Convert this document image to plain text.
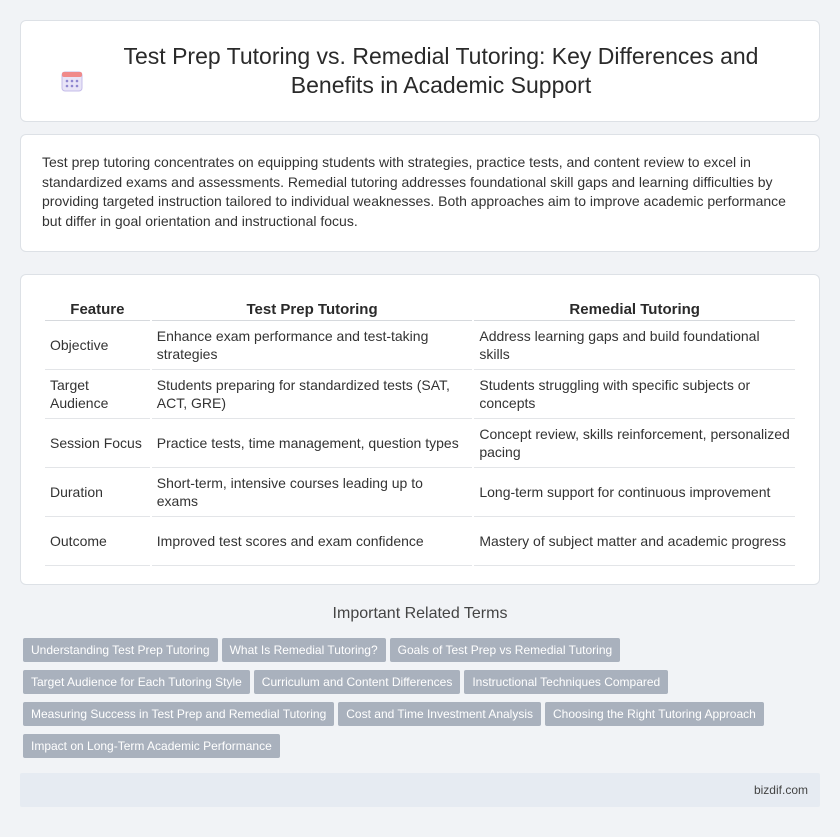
Test Prep Tutoring vs. Remedial Tutoring: Key Differences and Benefits in Academic Support

Test prep tutoring concentrates on equipping students with strategies, practice tests, and content review to excel in standardized exams and assessments. Remedial tutoring addresses foundational skill gaps and learning difficulties by providing targeted instruction tailored to individual weaknesses. Both approaches aim to improve academic performance but differ in goal orientation and instructional focus.

Feature	Test Prep Tutoring	Remedial Tutoring
Objective	Enhance exam performance and test-taking strategies	Address learning gaps and build foundational skills
Target Audience	Students preparing for standardized tests (SAT, ACT, GRE)	Students struggling with specific subjects or concepts
Session Focus	Practice tests, time management, question types	Concept review, skills reinforcement, personalized pacing
Duration	Short-term, intensive courses leading up to exams	Long-term support for continuous improvement
Outcome	Improved test scores and exam confidence	Mastery of subject matter and academic progress
Important Related Terms
Understanding Test Prep Tutoring What Is Remedial Tutoring? Goals of Test Prep vs Remedial Tutoring
Target Audience for Each Tutoring Style Curriculum and Content Differences Instructional Techniques Compared
Measuring Success in Test Prep and Remedial Tutoring Cost and Time Investment Analysis Choosing the Right Tutoring Approach
Impact on Long-Term Academic Performance
bizdif.com
